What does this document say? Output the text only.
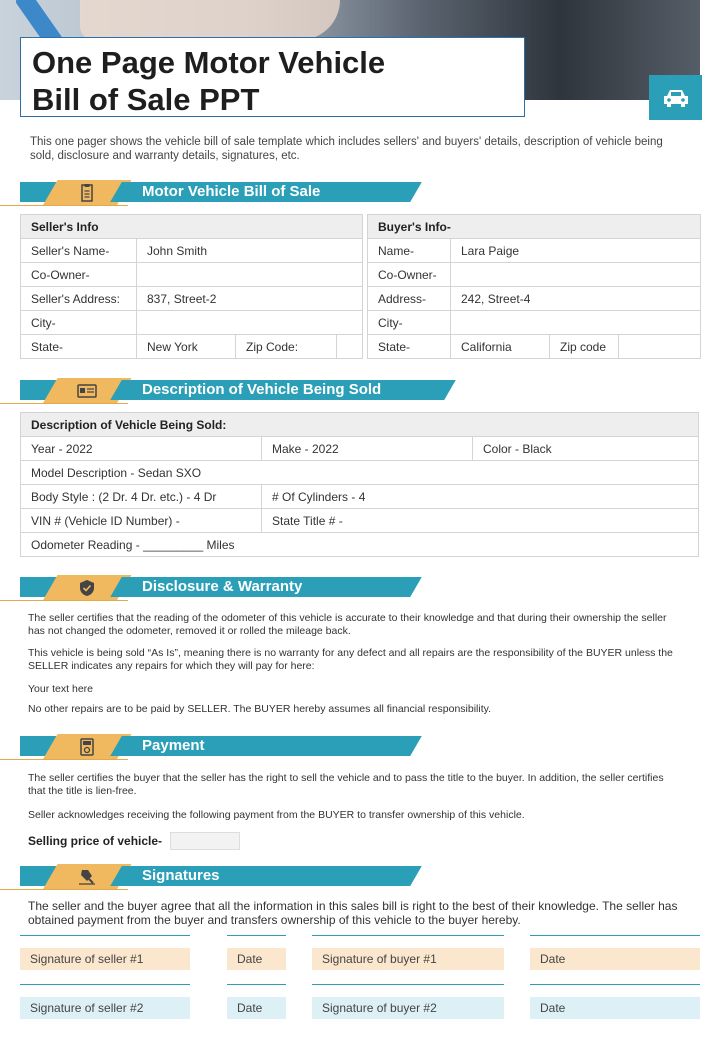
One Page Motor Vehicle
Bill of Sale PPT
This one pager shows the vehicle bill of sale template which includes sellers' and buyers' details, description of vehicle being sold, disclosure and warranty details, signatures, etc.
Motor Vehicle Bill of Sale
Seller's Info			
Seller's Name-	John Smith		
Co-Owner-			
Seller's Address:	837, Street-2		
City-			
State-	New York	Zip Code:	
Buyer's Info-			
Name-	Lara Paige		
Co-Owner-			
Address-	242, Street-4		
City-			
State-	California	Zip code	
Description of Vehicle Being Sold
Description of Vehicle Being Sold:		
Year - 2022	Make - 2022	Color - Black
Model Description - Sedan SXO		
Body Style : (2 Dr. 4 Dr. etc.) - 4 Dr	# Of Cylinders - 4	
VIN # (Vehicle ID Number) -	State Title # -	
Odometer Reading - _________ Miles		
Disclosure & Warranty
The seller certifies that the reading of the odometer of this vehicle is accurate to their knowledge and that during their ownership the seller has not changed the odometer, removed it or rolled the mileage back.
This vehicle is being sold “As Is”, meaning there is no warranty for any defect and all repairs are the responsibility of the BUYER unless the SELLER indicates any repairs for which they will pay for here:
Your text here
No other repairs are to be paid by SELLER. The BUYER hereby assumes all financial responsibility.
Payment
The seller certifies the buyer that the seller has the right to sell the vehicle and to pass the title to the buyer. In addition, the seller certifies that the title is lien-free.
Seller acknowledges receiving the following payment from the BUYER to transfer ownership of this vehicle.
Selling price of vehicle-
Signatures
The seller and the buyer agree that all the information in this sales bill is right to the best of their knowledge. The seller has obtained payment from the buyer and transfers ownership of this vehicle to the buyer hereby.
Signature of seller #1	Date	Signature of buyer #1	Date
Signature of seller #2	Date	Signature of buyer #2	Date
